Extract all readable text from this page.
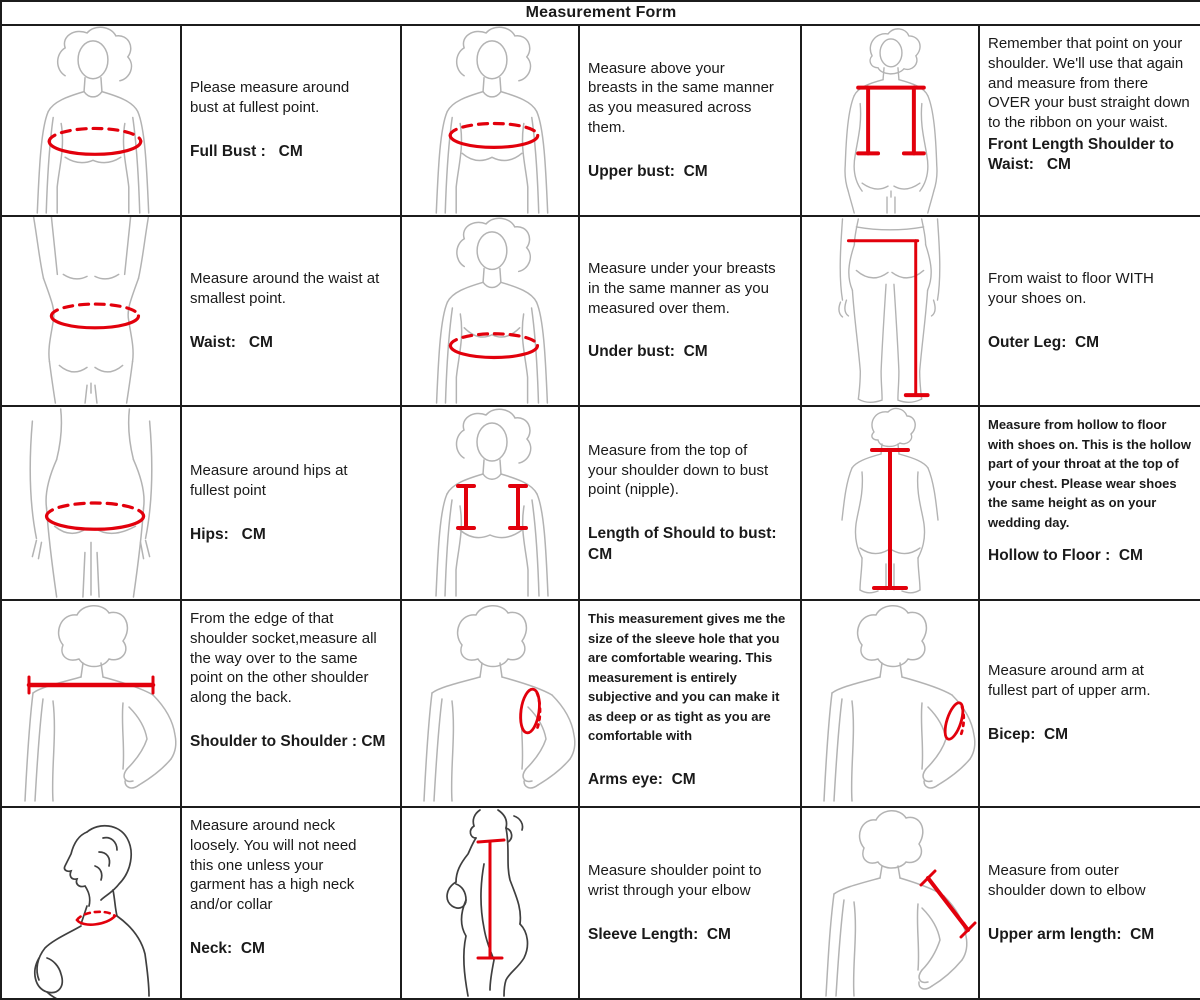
Measurement Form
Please measure around bust at fullest point.
Full Bust :   CM
Measure above your breasts in the same manner as you measured across them.
Upper bust:  CM
Remember that point on your shoulder. We'll use that again and measure from there OVER your bust straight down to the ribbon on your waist.
Front Length Shoulder to Waist:   CM
Measure around the waist at smallest point.
Waist:   CM
Measure under your breasts in the same manner as you measured over them.
Under bust:  CM
From waist to floor WITH your shoes on.
Outer Leg:  CM
Measure around hips at fullest point
Hips:   CM
Measure from the top of your shoulder down to bust point (nipple).
Length of Should to bust:  CM
Measure from hollow to floor with shoes on. This is the hollow part of your throat at the top of your chest. Please wear shoes the same height as on your wedding day.
Hollow to Floor :  CM
From the edge of that shoulder socket,measure all the way over to the same point on the other shoulder along the back.
Shoulder to Shoulder : CM
This measurement gives me the size of the sleeve hole that you are comfortable wearing. This measurement is entirely subjective and you can make it as deep or as tight as you are comfortable with
Arms eye:  CM
Measure around arm at fullest part of upper arm.
Bicep:  CM
Measure around neck loosely. You will not need this one unless your garment has a high neck and/or collar
Neck:  CM
Measure shoulder point to wrist through your elbow
Sleeve Length:  CM
Measure from outer shoulder down to elbow
Upper arm length:  CM
